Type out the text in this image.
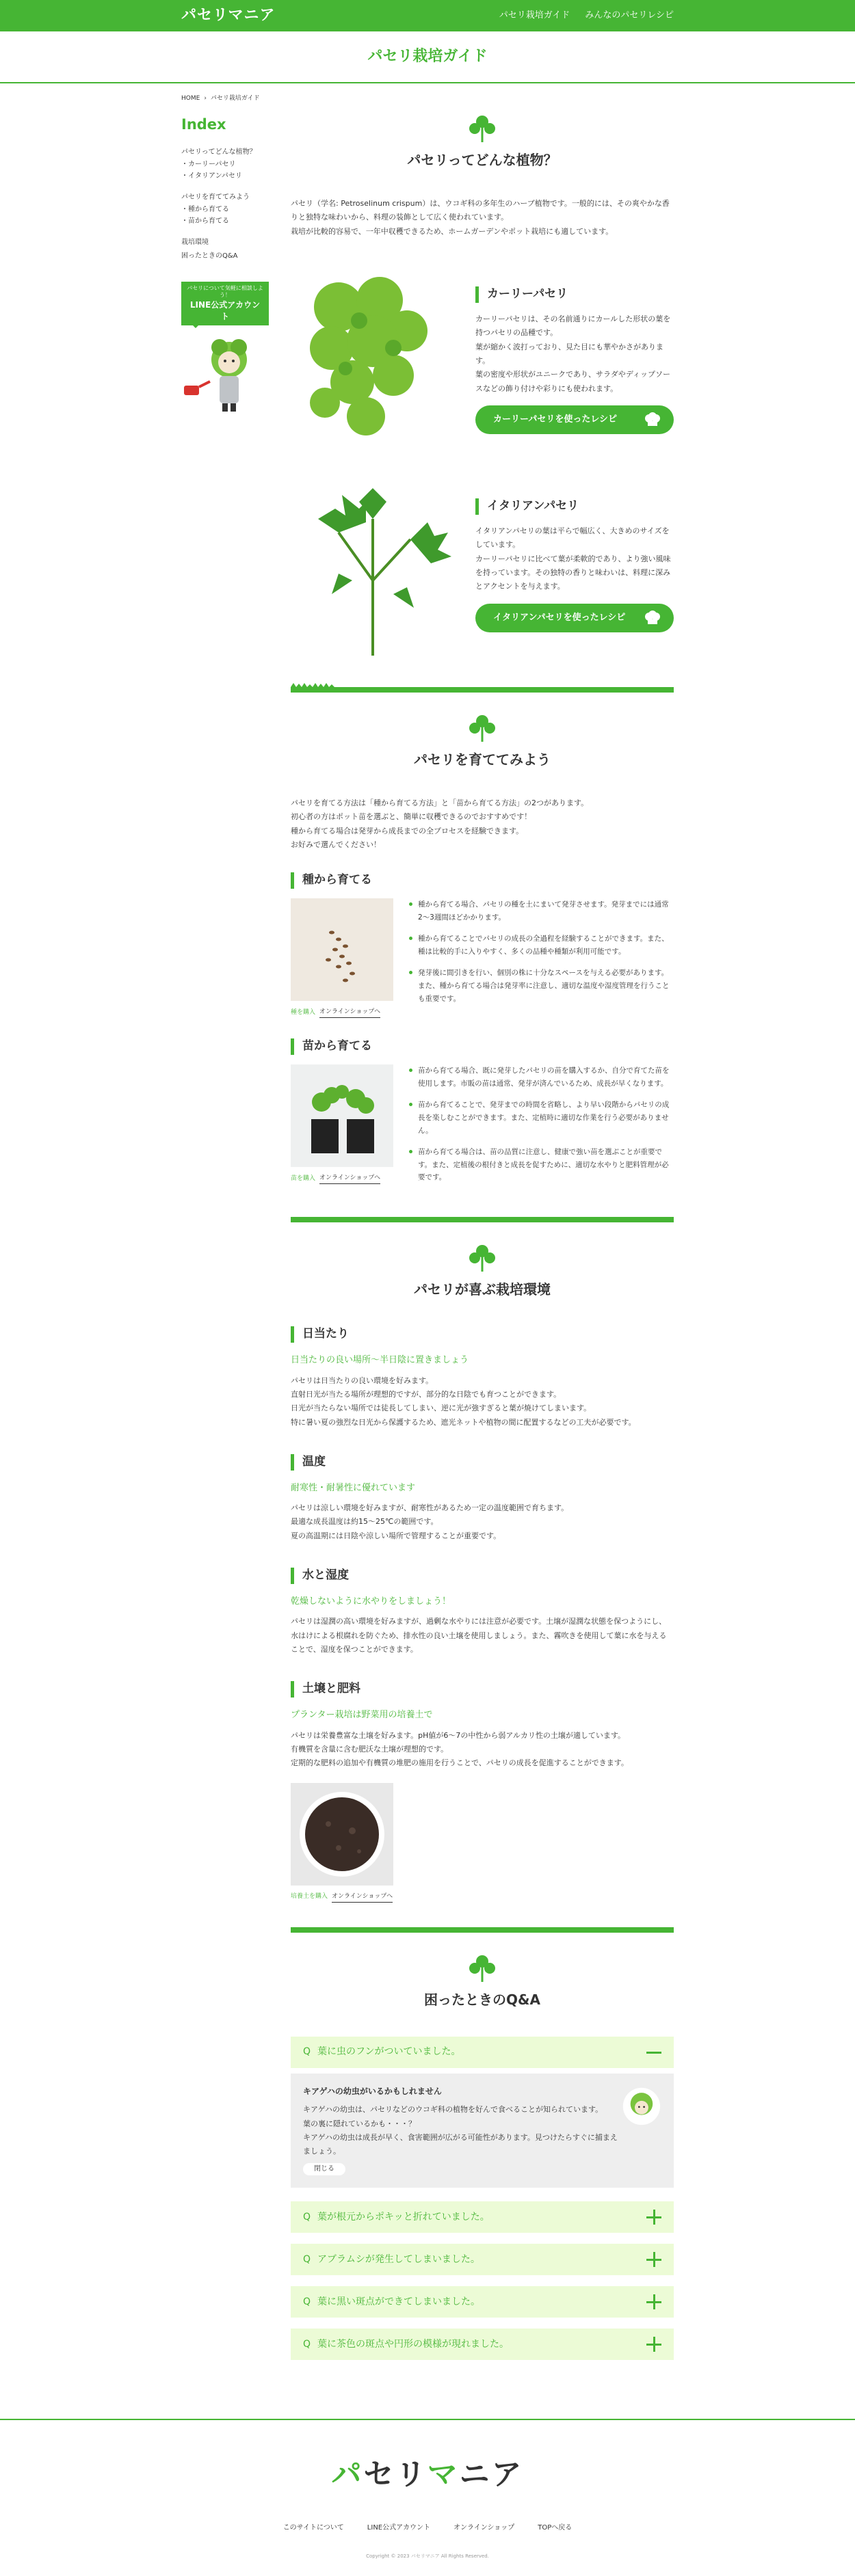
パセリマニア	パセリ栽培ガイド みんなのパセリレシピ
パセリ栽培ガイド
HOME › パセリ栽培ガイド
Index
パセリってどんな植物？
・カーリーパセリ
・イタリアンパセリ
パセリを育ててみよう
・種から育てる
・苗から育てる
栽培環境
困ったときのQ&A
パセリについて気軽に相談しよう！
LINE公式アカウント
パセリってどんな植物？

パセリ（学名: Petroselinum crispum）は、ウコギ科の多年生のハーブ植物です。一般的には、その爽やかな香りと独特な味わいから、料理の装飾として広く使われています。
栽培が比較的容易で、一年中収穫できるため、ホームガーデンやポット栽培にも適しています。

カーリーパセリ

カーリーパセリは、その名前通りにカールした形状の葉を持つパセリの品種です。
葉が縮かく波打っており、見た目にも華やかさがあります。
葉の密度や形状がユニークであり、サラダやディップソースなどの飾り付けや彩りにも使われます。

カーリーパセリを使ったレシピ
イタリアンパセリ

イタリアンパセリの葉は平らで幅広く、大きめのサイズをしています。
カーリーパセリに比べて葉が柔軟的であり、より強い風味を持っています。その独特の香りと味わいは、料理に深みとアクセントを与えます。

イタリアンパセリを使ったレシピ
パセリを育ててみよう

パセリを育てる方法は「種から育てる方法」と「苗から育てる方法」の2つがあります。
初心者の方はポット苗を選ぶと、簡単に収穫できるのでおすすめです！
種から育てる場合は発芽から成長までの全プロセスを経験できます。
お好みで選んでください！

種から育てる
種を購入 オンラインショップへ
種から育てる場合、パセリの種を土にまいて発芽させます。発芽までには通常2〜3週間ほどかかります。
種から育てることでパセリの成長の全過程を経験することができます。また、種は比較的手に入りやすく、多くの品種や種類が利用可能です。
発芽後に間引きを行い、個別の株に十分なスペースを与える必要があります。また、種から育てる場合は発芽率に注意し、適切な温度や湿度管理を行うことも重要です。
苗から育てる
苗を購入 オンラインショップへ
苗から育てる場合、既に発芽したパセリの苗を購入するか、自分で育てた苗を使用します。市販の苗は通常、発芽が済んでいるため、成長が早くなります。
苗から育てることで、発芽までの時間を省略し、より早い段階からパセリの成長を楽しむことができます。また、定植時に適切な作業を行う必要がありません。
苗から育てる場合は、苗の品質に注意し、健康で強い苗を選ぶことが重要です。また、定植後の根付きと成長を促すために、適切な水やりと肥料管理が必要です。
パセリが喜ぶ栽培環境
日当たり
日当たりの良い場所〜半日陰に置きましょう

パセリは日当たりの良い環境を好みます。
直射日光が当たる場所が理想的ですが、部分的な日陰でも育つことができます。
日光が当たらない場所では徒長してしまい、逆に光が強すぎると葉が焼けてしまいます。
特に暑い夏の強烈な日光から保護するため、遮光ネットや植物の間に配置するなどの工夫が必要です。

温度
耐寒性・耐暑性に優れています

パセリは涼しい環境を好みますが、耐寒性があるため一定の温度範囲で育ちます。
最適な成長温度は約15〜25℃の範囲です。
夏の高温期には日陰や涼しい場所で管理することが重要です。

水と湿度
乾燥しないように水やりをしましょう！

パセリは湿潤の高い環境を好みますが、過剰な水やりには注意が必要です。土壌が湿潤な状態を保つようにし、水はけによる根腐れを防ぐため、排水性の良い土壌を使用しましょう。また、霧吹きを使用して葉に水を与えることで、湿度を保つことができます。

土壌と肥料
プランター栽培は野菜用の培養土で

パセリは栄養豊富な土壌を好みます。pH値が6〜7の中性から弱アルカリ性の土壌が適しています。
有機質を含量に含む肥沃な土壌が理想的です。
定期的な肥料の追加や有機質の堆肥の施用を行うことで、パセリの成長を促進することができます。

培養土を購入 オンラインショップへ
困ったときのQ&A
Q 葉に虫のフンがついていました。
キアゲハの幼虫がいるかもしれません

キアゲハの幼虫は、パセリなどのウコギ科の植物を好んで食べることが知られています。
葉の裏に隠れているかも・・・？
キアゲハの幼虫は成長が早く、食害範囲が広がる可能性があります。見つけたらすぐに捕まえましょう。

閉じる
Q 葉が根元からポキッと折れていました。
Q アブラムシが発生してしまいました。
Q 葉に黒い斑点ができてしまいました。
Q 葉に茶色の斑点や円形の模様が現れました。
パセリマニア
このサイトについて	LINE公式アカウント	オンラインショップ	TOPへ戻る
Copyright © 2023 パセリマニア All Rights Reserved.
